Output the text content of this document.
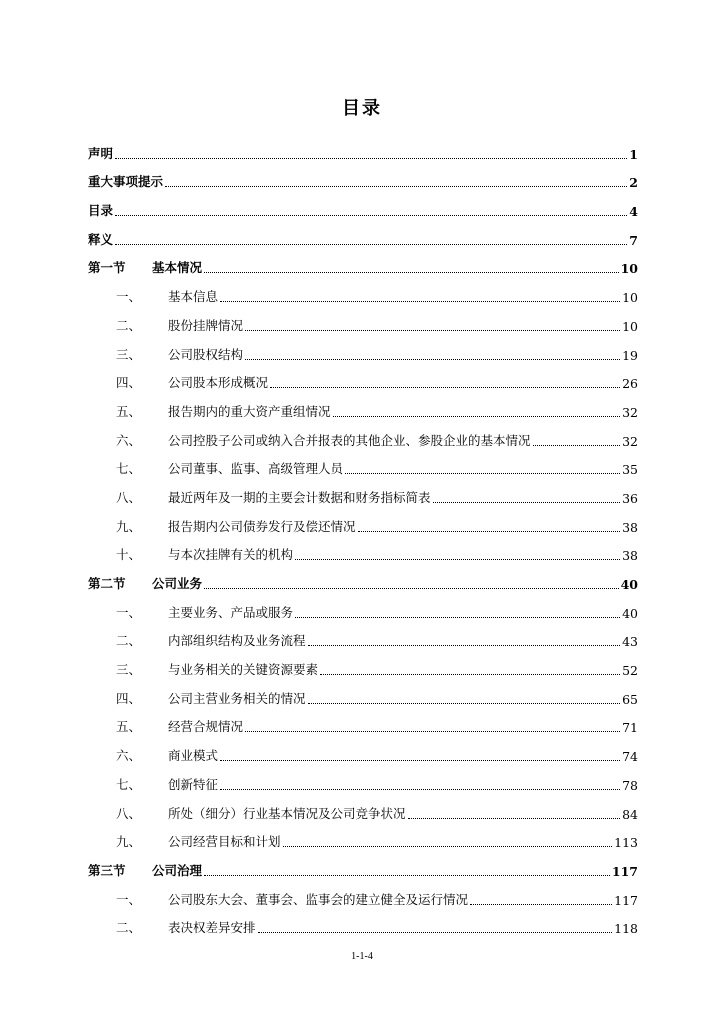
目录
声明	1
重大事项提示	2
目录	4
释义	7
第一节	基本情况	10
一、	基本信息	10
二、	股份挂牌情况	10
三、	公司股权结构	19
四、	公司股本形成概况	26
五、	报告期内的重大资产重组情况	32
六、	公司控股子公司或纳入合并报表的其他企业、参股企业的基本情况	32
七、	公司董事、监事、高级管理人员	35
八、	最近两年及一期的主要会计数据和财务指标简表	36
九、	报告期内公司债券发行及偿还情况	38
十、	与本次挂牌有关的机构	38
第二节	公司业务	40
一、	主要业务、产品或服务	40
二、	内部组织结构及业务流程	43
三、	与业务相关的关键资源要素	52
四、	公司主营业务相关的情况	65
五、	经营合规情况	71
六、	商业模式	74
七、	创新特征	78
八、	所处（细分）行业基本情况及公司竞争状况	84
九、	公司经营目标和计划	113
第三节	公司治理	117
一、	公司股东大会、董事会、监事会的建立健全及运行情况	117
二、	表决权差异安排	118
1-1-4
